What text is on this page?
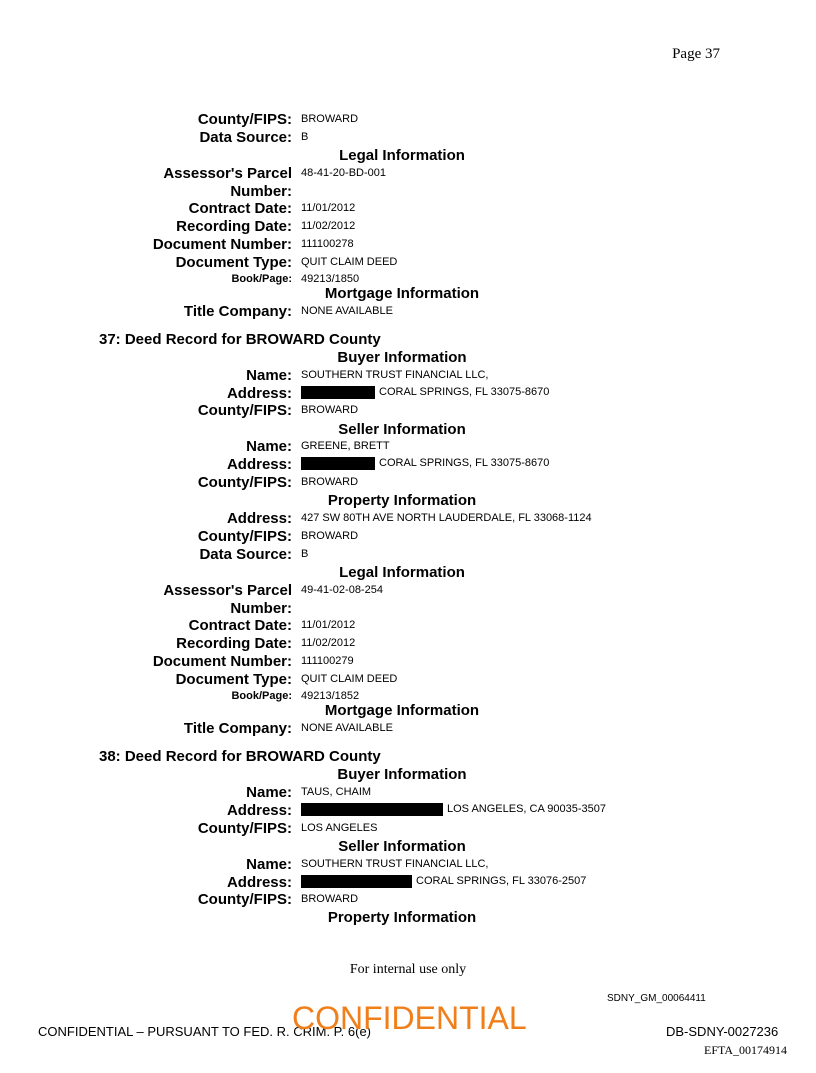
Page 37
County/FIPS: BROWARD
Data Source: B
Legal Information
Assessor's Parcel 48-41-20-BD-001
Number:
Contract Date: 11/01/2012
Recording Date: 11/02/2012
Document Number: 111100278
Document Type: QUIT CLAIM DEED
Book/Page: 49213/1850
Mortgage Information
Title Company: NONE AVAILABLE
37: Deed Record for BROWARD County
Buyer Information
Name: SOUTHERN TRUST FINANCIAL LLC,
Address:	CORAL SPRINGS, FL 33075-8670
County/FIPS: BROWARD
Seller Information
Name: GREENE, BRETT
Address:	CORAL SPRINGS, FL 33075-8670
County/FIPS: BROWARD
Property Information
Address: 427 SW 80TH AVE NORTH LAUDERDALE, FL 33068-1124
County/FIPS: BROWARD
Data Source: B
Legal Information
Assessor's Parcel 49-41-02-08-254
Number:
Contract Date: 11/01/2012
Recording Date: 11/02/2012
Document Number: 111100279
Document Type: QUIT CLAIM DEED
Book/Page: 49213/1852
Mortgage Information
Title Company: NONE AVAILABLE
38: Deed Record for BROWARD County
Buyer Information
Name: TAUS, CHAIM
Address:	LOS ANGELES, CA 90035-3507
County/FIPS: LOS ANGELES
Seller Information
Name: SOUTHERN TRUST FINANCIAL LLC,
Address:	CORAL SPRINGS, FL 33076-2507
County/FIPS: BROWARD
Property Information
For internal use only
SDNY_GM_00064411
CONFIDENTIAL – PURSUANT TO FED. R. CRIM. P. 6(e)
CONFIDENTIAL	DB-SDNY-0027236
EFTA_00174914
